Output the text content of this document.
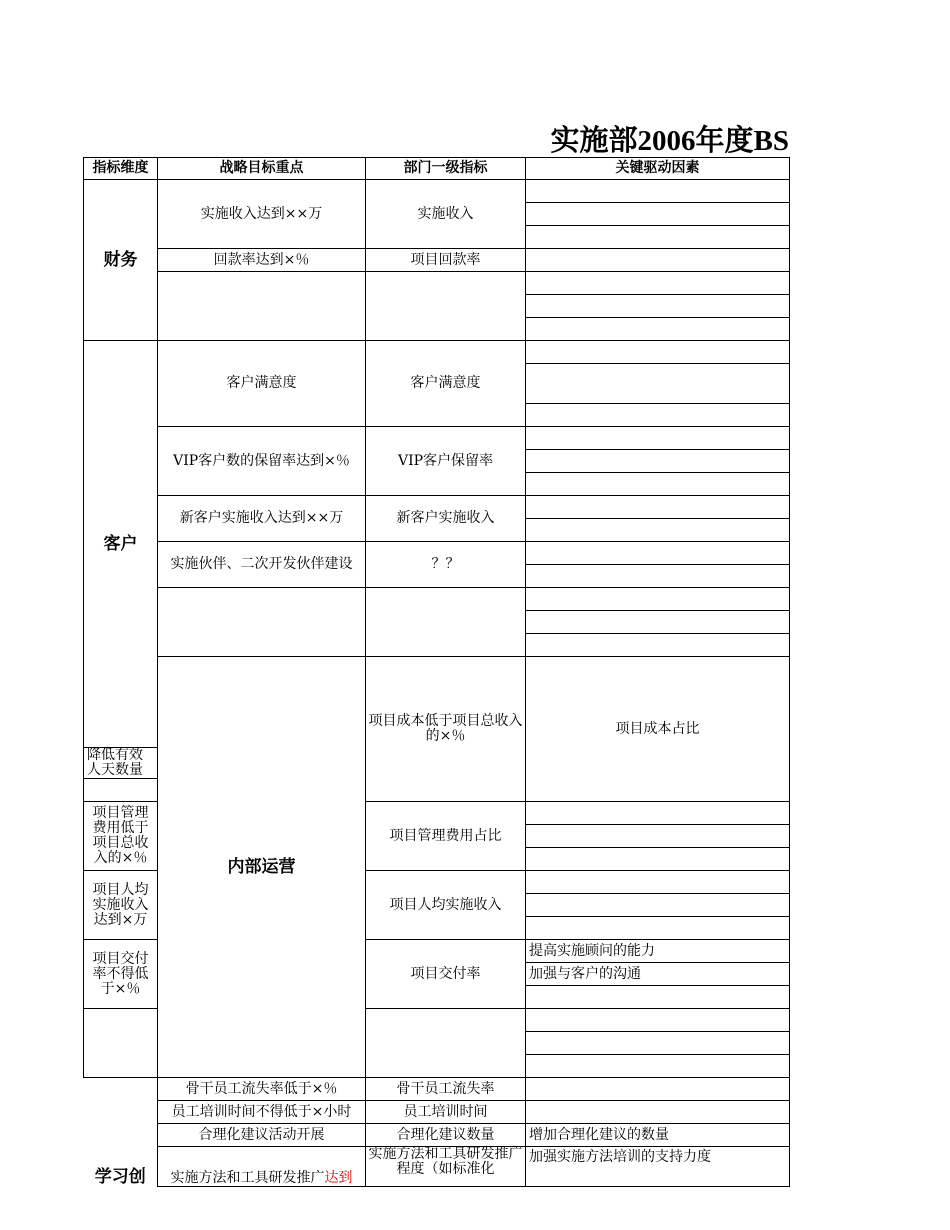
实施部2006年度BS
指标维度	战略目标重点	部门一级指标	关键驱动因素	
财务	实施收入达到××万	实施收入		

	回款率达到×％	项目回款率		

客户	客户满意度	客户满意度		

	VIP客户数的保留率达到×％	VIP客户保留率		

	新客户实施收入达到××万	新客户实施收入		

	实施伙伴、二次开发伙伴建设	？？		

	内部运营	项目成本低于项目总收入的×％	项目成本占比	
降低有效人天数量				

项目管理费用低于项目总收入的×％		项目管理费用占比		

项目人均实施收入达到×万		项目人均实施收入		

项目交付率不得低于×％		项目交付率	提高实施顾问的能力	
			加强与客户的沟通	

学习创	骨干员工流失率低于×％	骨干员工流失率		
	员工培训时间不得低于×小时	员工培训时间		
	合理化建议活动开展	合理化建议数量	增加合理化建议的数量	
	实施方法和工具研发推广达到	实施方法和工具研发推广程度（如标准化	加强实施方法培训的支持力度	
